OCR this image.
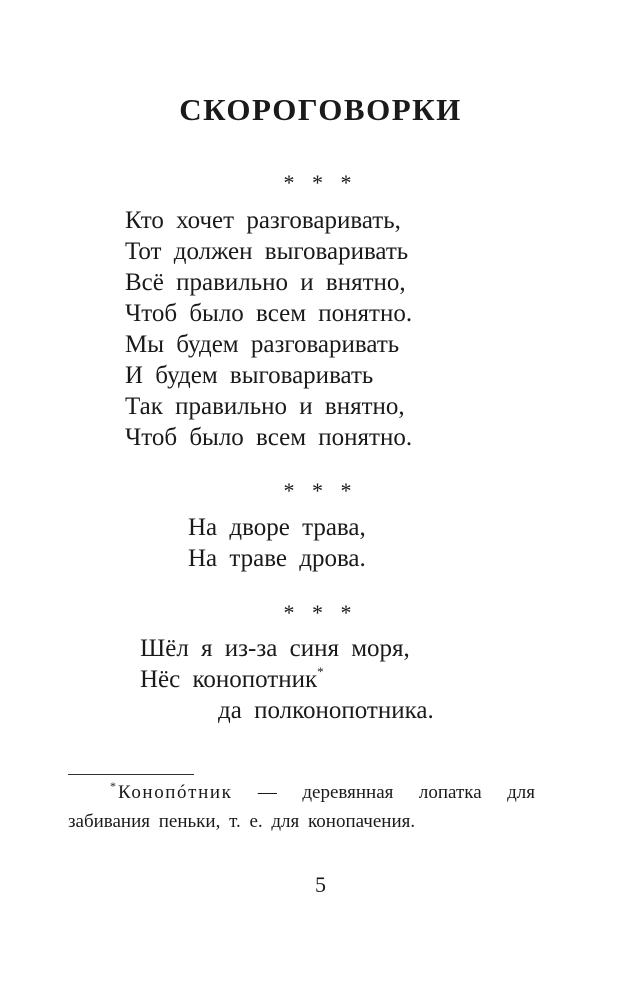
СКОРОГОВОРКИ
* * *
Кто хочет разговаривать,
Тот должен выговаривать
Всё правильно и внятно,
Чтоб было всем понятно.
Мы будем разговаривать
И будем выговаривать
Так правильно и внятно,
Чтоб было всем понятно.
* * *
На дворе трава,
На траве дрова.
* * *
Шёл я из-за синя моря,
Нёс конопотник*
да полконопотника.
* Конопóтник — деревянная лопатка для забивания пеньки, т. е. для конопачения.
5
